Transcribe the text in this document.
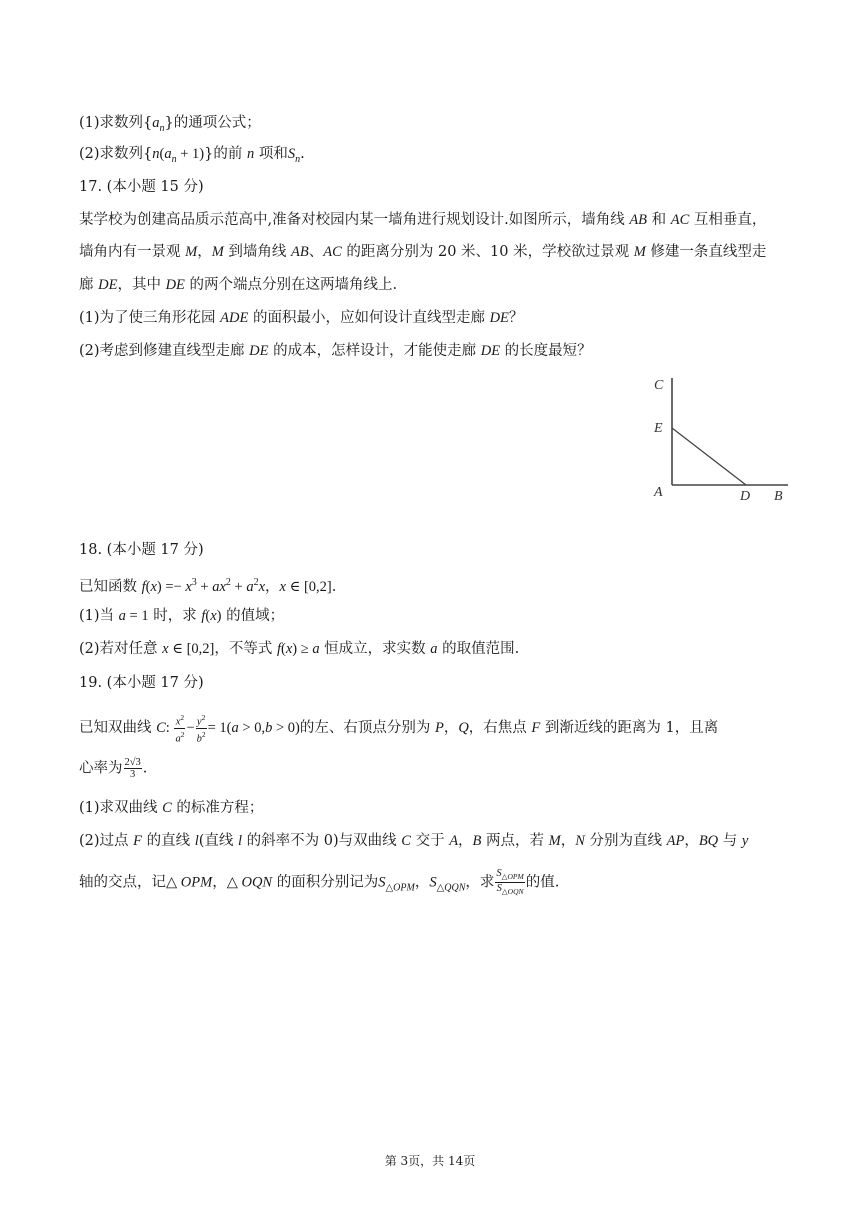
(1)求数列$\{a_n\}$的通项公式；
(2)求数列$\{n(a_n + 1)\}$的前 n 项和$S_n$.
17. (本小题 15 分)
某学校为创建高品质示范高中,准备对校园内某一墙角进行规划设计.如图所示，墙角线 AB 和 AC 互相垂直，
墙角内有一景观 M，M 到墙角线 AB、AC 的距离分别为 20 米、10 米，学校欲过景观 M 修建一条直线型走
廊 DE，其中 DE 的两个端点分别在这两墙角线上.
(1)为了使三角形花园 ADE 的面积最小，应如何设计直线型走廊 DE？
(2)考虑到修建直线型走廊 DE 的成本，怎样设计，才能使走廊 DE 的长度最短？
C
E
A	D B
18. (本小题 17 分)
已知函数 $f(x) =- x^3 + ax^2 + a^2x$，x ∈ [0,2].
(1)当 a = 1 时，求 f(x) 的值域；
(2)若对任意 x ∈ [0,2]，不等式 f(x) ≥ a 恒成立，求实数 a 的取值范围.
19. (本小题 17 分)
已知双曲线 C: $\frac{x^2}{a^2} - \frac{y^2}{b^2} = 1(a > 0,b > 0)$的左、右顶点分别为 P，Q，右焦点 F 到渐近线的距离为 1，且离
心率为 $\frac{2√3}{3}$ .
(1)求双曲线 C 的标准方程；
(2)过点 F 的直线 l(直线 l 的斜率不为 0)与双曲线 C 交于 A，B 两点，若 M，N 分别为直线 AP，BQ 与 y
轴的交点，记△ OPM，△ OQN 的面积分别记为$S_{\triangle OPM}$，$S_{\triangle QQN}$，求 $\frac{S_{\triangle OPM}}{S_{\triangle OQN}}$ 的值.
第 3页，共 14页
